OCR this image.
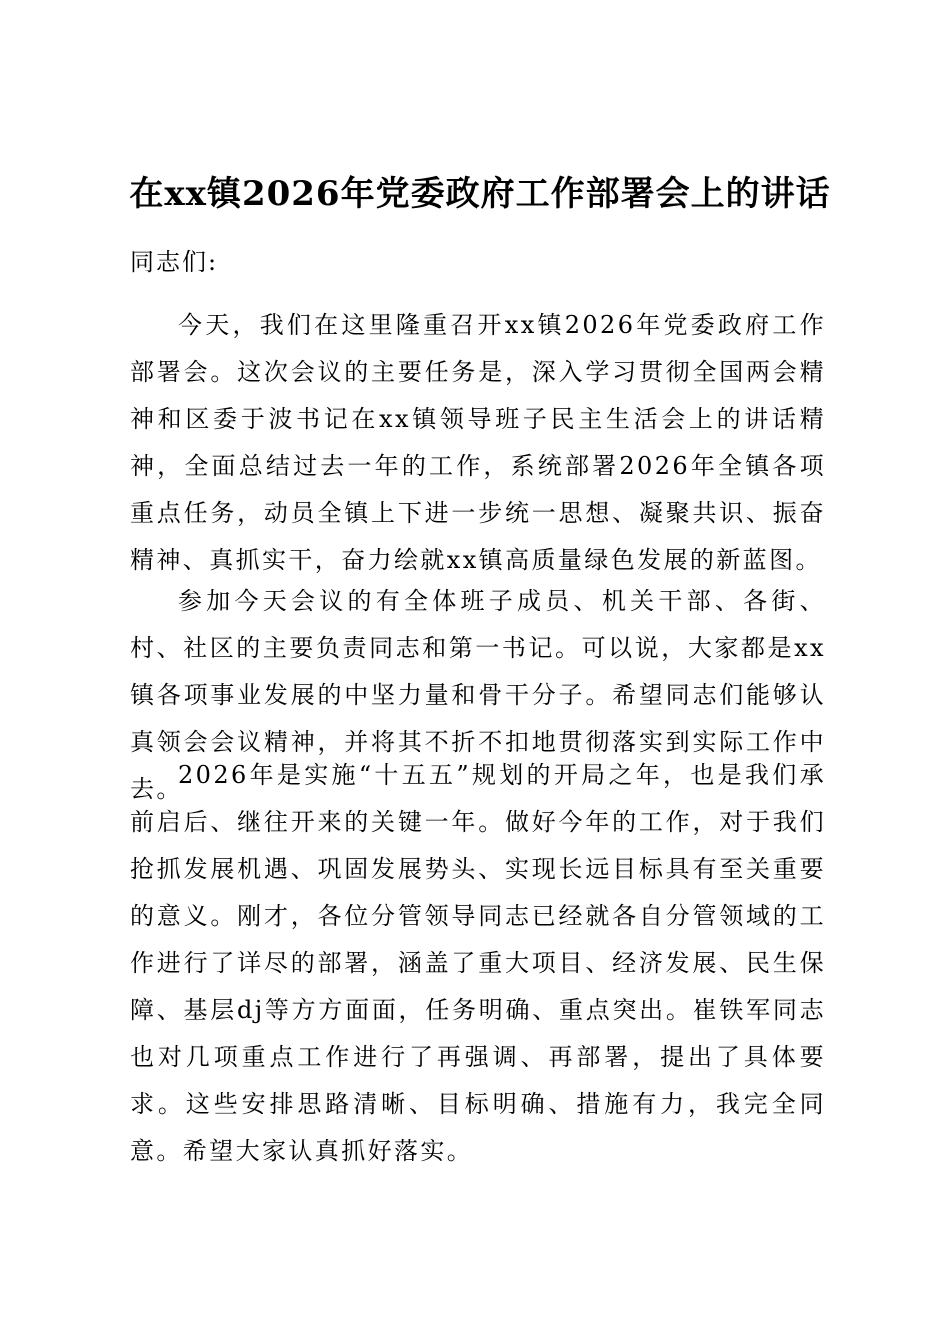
在xx镇2026年党委政府工作部署会上的讲话
同志们:

今天，我们在这里隆重召开xx镇2026年党委政府工作部署会。这次会议的主要任务是，深入学习贯彻全国两会精神和区委于波书记在xx镇领导班子民主生活会上的讲话精神，全面总结过去一年的工作，系统部署2026年全镇各项重点任务，动员全镇上下进一步统一思想、凝聚共识、振奋精神、真抓实干，奋力绘就xx镇高质量绿色发展的新蓝图。

参加今天会议的有全体班子成员、机关干部、各街、村、社区的主要负责同志和第一书记。可以说，大家都是xx镇各项事业发展的中坚力量和骨干分子。希望同志们能够认真领会会议精神，并将其不折不扣地贯彻落实到实际工作中去。

2026年是实施“十五五”规划的开局之年，也是我们承前启后、继往开来的关键一年。做好今年的工作，对于我们抢抓发展机遇、巩固发展势头、实现长远目标具有至关重要的意义。刚才，各位分管领导同志已经就各自分管领域的工作进行了详尽的部署，涵盖了重大项目、经济发展、民生保障、基层dj等方方面面，任务明确、重点突出。崔铁军同志也对几项重点工作进行了再强调、再部署，提出了具体要求。这些安排思路清晰、目标明确、措施有力，我完全同意。希望大家认真抓好落实。
